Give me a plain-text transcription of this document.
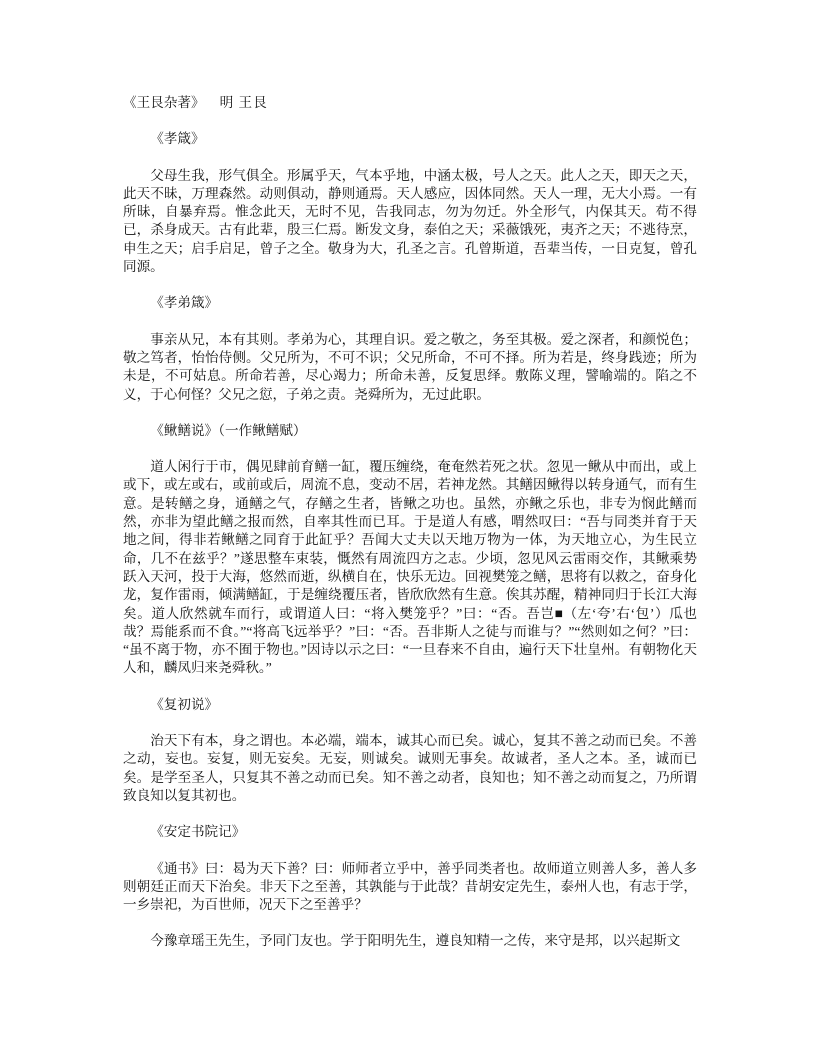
《王艮杂著》 明 王艮

《孝箴》

父母生我，形气俱全。形属乎天，气本乎地，中涵太极，号人之天。此人之天，即天之天，此天不昧，万理森然。动则俱动，静则通焉。天人感应，因体同然。天人一理，无大小焉。一有所昧，自暴弃焉。惟念此天，无时不见，告我同志，勿为勿迁。外全形气，内保其天。苟不得已，杀身成天。古有此辈，殷三仁焉。断发文身，泰伯之天；采薇饿死，夷齐之天；不逃待烹，申生之天；启手启足，曾子之全。敬身为大，孔圣之言。孔曾斯道，吾辈当传，一日克复，曾孔同源。

《孝弟箴》

事亲从兄，本有其则。孝弟为心，其理自识。爱之敬之，务至其极。爱之深者，和颜悦色；敬之笃者，怡怡侍侧。父兄所为，不可不识；父兄所命，不可不择。所为若是，终身践迹；所为未是，不可姑息。所命若善，尽心竭力；所命未善，反复思绎。敷陈义理，譬喻端的。陷之不义，于心何怪？父兄之愆，子弟之责。尧舜所为，无过此职。

《鳅鳝说》（一作鳅鳝赋）

道人闲行于市，偶见肆前育鳝一缸，覆压缠绕，奄奄然若死之状。忽见一鳅从中而出，或上或下，或左或右，或前或后，周流不息，变动不居，若神龙然。其鳝因鳅得以转身通气，而有生意。是转鳝之身，通鳝之气，存鳝之生者，皆鳅之功也。虽然，亦鳅之乐也，非专为悯此鳝而然，亦非为望此鳝之报而然，自率其性而已耳。于是道人有感，喟然叹曰：“吾与同类并育于天地之间，得非若鳅鳝之同育于此缸乎？吾闻大丈夫以天地万物为一体，为天地立心，为生民立命，几不在兹乎？”遂思整车束装，慨然有周流四方之志。少顷，忽见风云雷雨交作，其鳅乘势跃入天河，投于大海，悠然而逝，纵横自在，快乐无边。回视樊笼之鳝，思将有以救之，奋身化龙，复作雷雨，倾满鳝缸，于是缠绕覆压者，皆欣欣然有生意。俟其苏醒，精神同归于长江大海矣。道人欣然就车而行，或谓道人曰：“将入樊笼乎？”曰：“否。吾岂■（左‘夸’右‘包’）瓜也哉？焉能系而不食。”“将高飞远举乎？”曰：“否。吾非斯人之徒与而谁与？”“然则如之何？”曰：“虽不离于物，亦不囿于物也。”因诗以示之曰：“一旦春来不自由，遍行天下壮皇州。有朝物化天人和，麟凤归来尧舜秋。”

《复初说》

治天下有本，身之谓也。本必端，端本，诚其心而已矣。诚心，复其不善之动而已矣。不善之动，妄也。妄复，则无妄矣。无妄，则诚矣。诚则无事矣。故诚者，圣人之本。圣，诚而已矣。是学至圣人，只复其不善之动而已矣。知不善之动者，良知也；知不善之动而复之，乃所谓致良知以复其初也。

《安定书院记》

《通书》曰：曷为天下善？曰：师师者立乎中，善乎同类者也。故师道立则善人多，善人多则朝廷正而天下治矣。非天下之至善，其孰能与于此哉？昔胡安定先生，泰州人也，有志于学，一乡崇祀，为百世师，况天下之至善乎？

今豫章瑶王先生，予同门友也。学于阳明先生，遵良知精一之传，来守是邦，以兴起斯文
